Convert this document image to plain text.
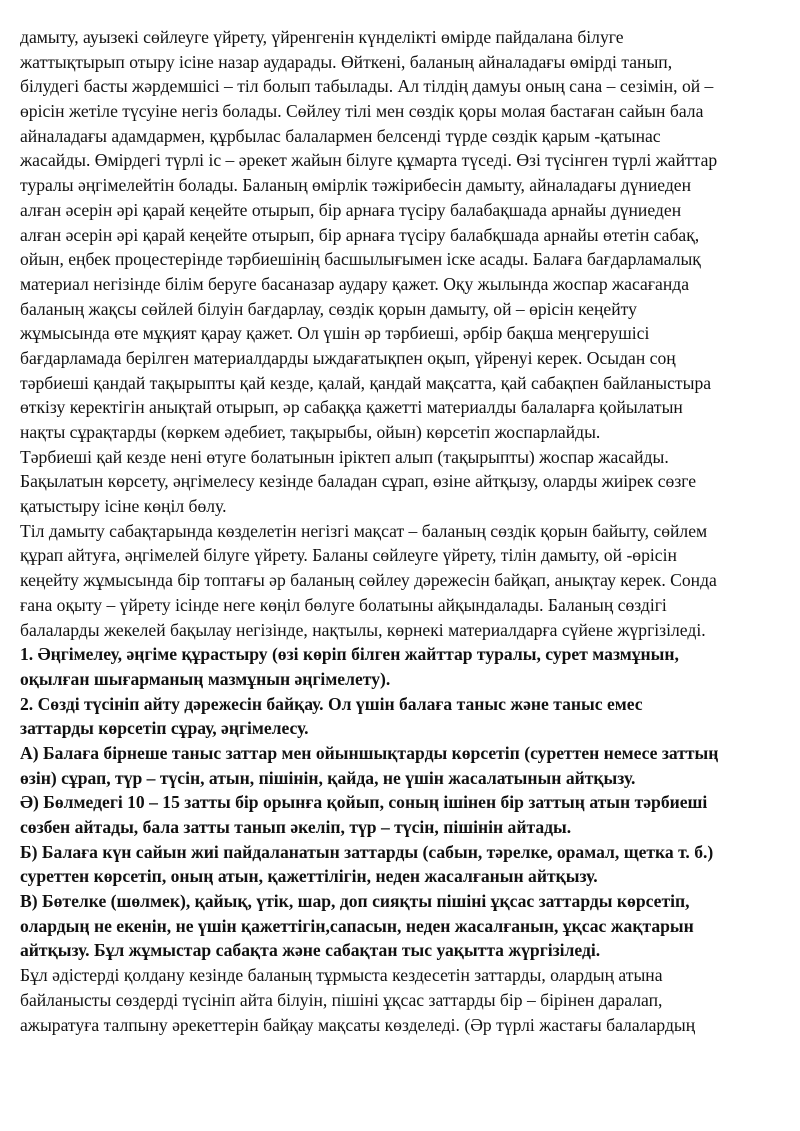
дамыту, ауызекі сөйлеуге үйрету, үйренгенін күнделікті өмірде пайдалана білуге
жаттықтырып отыру ісіне назар аударады. Өйткені, баланың айналадағы өмірді танып,
білудегі басты жәрдемшісі – тіл болып табылады. Ал тілдің дамуы оның сана – сезімін, ой –
өрісін жетіле түсуіне негіз болады. Сөйлеу тілі мен сөздік қоры молая бастаған сайын бала
айналадағы адамдармен, құрбылас балалармен белсенді түрде сөздік қарым -қатынас
жасайды. Өмірдегі түрлі іс – әрекет жайын білуге құмарта түседі. Өзі түсінген түрлі жайттар
туралы әңгімелейтін болады. Баланың өмірлік тәжірибесін дамыту, айналадағы дүниеден
алған әсерін әрі қарай кеңейте отырып, бір арнаға түсіру балабақшада арнайы дүниеден
алған әсерін әрі қарай кеңейте отырып, бір арнаға түсіру балабқшада арнайы өтетін сабақ,
ойын, еңбек процестерінде тәрбиешінің басшылығымен іске асады. Балаға бағдарламалық
материал негізінде білім беруге басаназар аудару қажет. Оқу жылында жоспар жасағанда
баланың жақсы сөйлей білуін бағдарлау, сөздік қорын дамыту, ой – өрісін кеңейту
жұмысында өте мұқият қарау қажет. Ол үшін әр тәрбиеші, әрбір бақша меңгерушісі
бағдарламада берілген материалдарды ыждағатықпен оқып, үйренуі керек. Осыдан соң
тәрбиеші қандай тақырыпты қай кезде, қалай, қандай мақсатта, қай сабақпен байланыстыра
өткізу керектігін анықтай отырып, әр сабаққа қажетті материалды балаларға қойылатын
нақты сұрақтарды (көркем әдебиет, тақырыбы, ойын) көрсетіп жоспарлайды.
Тәрбиеші қай кезде нені өтуге болатынын іріктеп алып (тақырыпты) жоспар жасайды.
Бақылатын көрсету, әңгімелесу кезінде баладан сұрап, өзіне айтқызу, оларды жиірек сөзге
қатыстыру ісіне көңіл бөлу.
Тіл дамыту сабақтарында көзделетін негізгі мақсат – баланың сөздік қорын байыту, сөйлем
құрап айтуға, әңгімелей білуге үйрету. Баланы сөйлеуге үйрету, тілін дамыту, ой -өрісін
кеңейту жұмысында бір топтағы әр баланың сөйлеу дәрежесін байқап, анықтау керек. Сонда
ғана оқыту – үйрету ісінде неге көңіл бөлуге болатыны айқындалады. Баланың сөздігі
балаларды жекелей бақылау негізінде, нақтылы, көрнекі материалдарға сүйене жүргізіледі.
1. Әңгімелеу, әңгіме құрастыру (өзі көріп білген жайттар туралы, сурет мазмұнын,
оқылған шығарманың мазмұнын әңгімелету).
2. Сөзді түсініп айту дәрежесін байқау. Ол үшін балаға таныс және таныс емес
заттарды көрсетіп сұрау, әңгімелесу.
А) Балаға бірнеше таныс заттар мен ойыншықтарды көрсетіп (суреттен немесе заттың
өзін) сұрап, түр – түсін, атын, пішінін, қайда, не үшін жасалатынын айтқызу.
Ә) Бөлмедегі 10 – 15 затты бір орынға қойып, соның ішінен бір заттың атын тәрбиеші
сөзбен айтады, бала затты танып әкеліп, түр – түсін, пішінін айтады.
Б) Балаға күн сайын жиі пайдаланатын заттарды (сабын, тәрелке, орамал, щетка т. б.)
суреттен көрсетіп, оның атын, қажеттілігін, неден жасалғанын айтқызу.
В) Бөтелке (шөлмек), қайық, үтік, шар, доп сияқты пішіні ұқсас заттарды көрсетіп,
олардың не екенін, не үшін қажеттігін,сапасын, неден жасалғанын, ұқсас жақтарын
айтқызу. Бұл жұмыстар сабақта және сабақтан тыс уақытта жүргізіледі.
Бұл әдістерді қолдану кезінде баланың тұрмыста кездесетін заттарды, олардың атына
байланысты сөздерді түсініп айта білуін, пішіні ұқсас заттарды бір – бірінен даралап,
ажыратуға талпыну әрекеттерін байқау мақсаты көзделеді. (Әр түрлі жастағы балалардың
